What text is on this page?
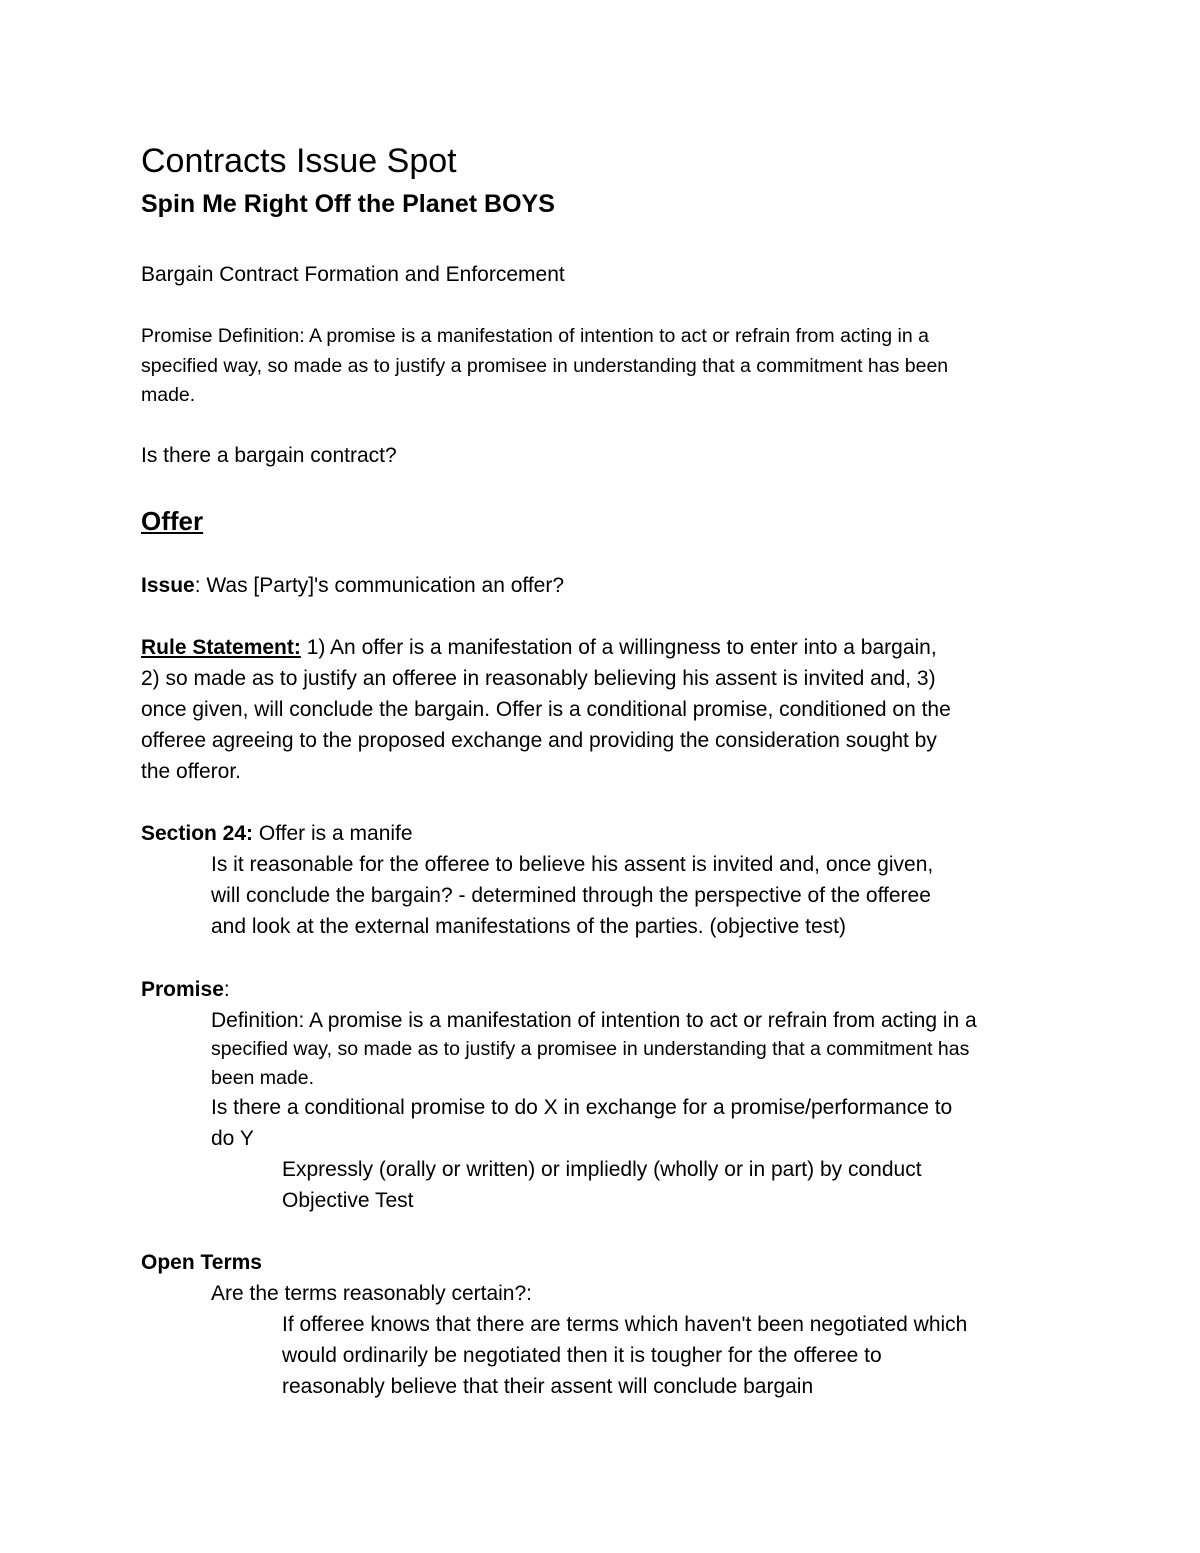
Contracts Issue Spot
Spin Me Right Off the Planet BOYS
Bargain Contract Formation and Enforcement
Promise Definition: A promise is a manifestation of intention to act or refrain from acting in a
specified way, so made as to justify a promisee in understanding that a commitment has been
made.
Is there a bargain contract?
Offer
Issue: Was [Party]'s communication an offer?
Rule Statement: 1) An offer is a manifestation of a willingness to enter into a bargain,
2) so made as to justify an offeree in reasonably believing his assent is invited and, 3)
once given, will conclude the bargain. Offer is a conditional promise, conditioned on the
offeree agreeing to the proposed exchange and providing the consideration sought by
the offeror.
Section 24: Offer is a manife
Is it reasonable for the offeree to believe his assent is invited and, once given,
will conclude the bargain? - determined through the perspective of the offeree
and look at the external manifestations of the parties. (objective test)
Promise:
Definition: A promise is a manifestation of intention to act or refrain from acting in a
specified way, so made as to justify a promisee in understanding that a commitment has
been made.
Is there a conditional promise to do X in exchange for a promise/performance to
do Y
Expressly (orally or written) or impliedly (wholly or in part) by conduct
Objective Test
Open Terms
Are the terms reasonably certain?:
If offeree knows that there are terms which haven't been negotiated which
would ordinarily be negotiated then it is tougher for the offeree to
reasonably believe that their assent will conclude bargain
